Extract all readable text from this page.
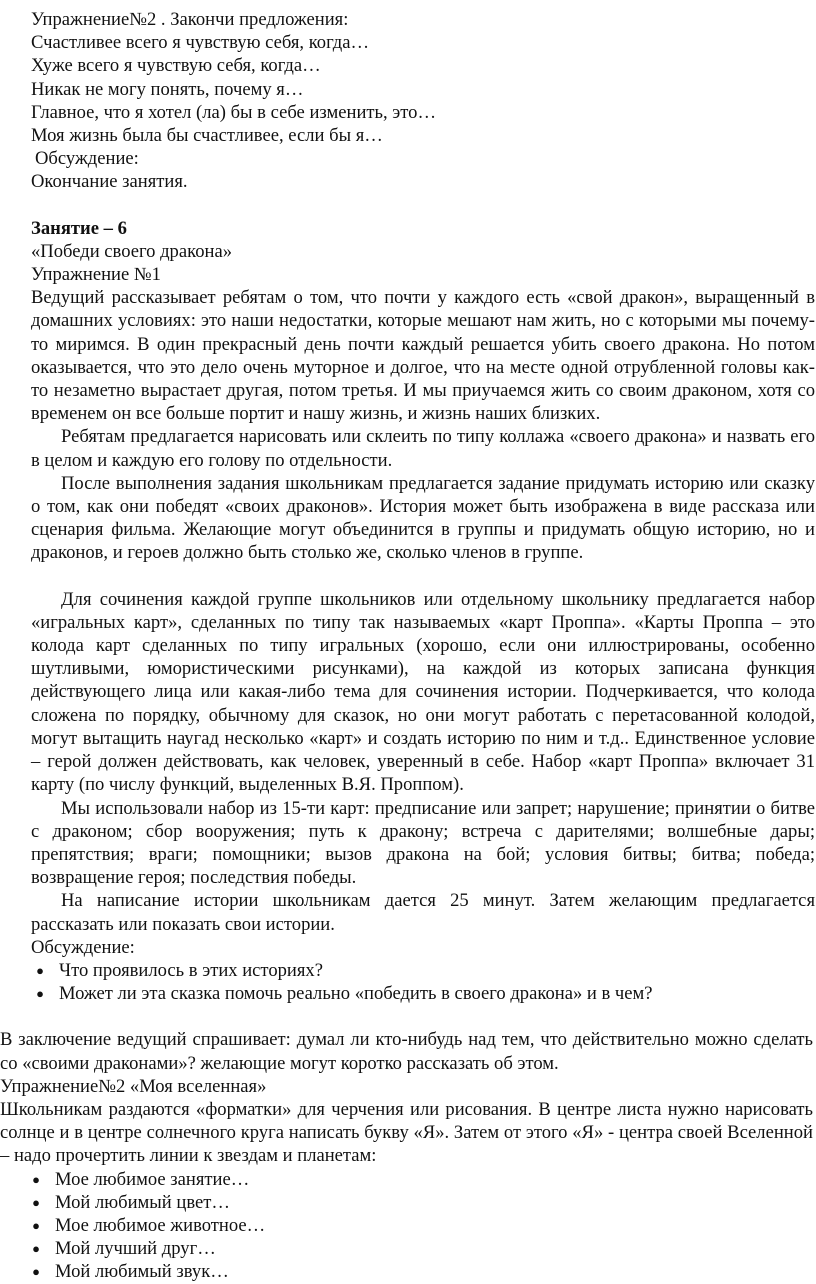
Упражнение№2 . Закончи предложения:

Счастливее всего я чувствую себя, когда…

Хуже всего я чувствую себя, когда…

Никак не могу понять, почему я…

Главное, что я хотел (ла) бы в себе изменить, это…

Моя жизнь была бы счастливее, если бы я…

Обсуждение:

Окончание занятия.

Занятие – 6

«Победи своего дракона»

Упражнение №1

Ведущий рассказывает ребятам о том, что почти у каждого есть «свой дракон», выращенный в домашних условиях: это наши недостатки, которые мешают нам жить, но с которыми мы почему-то миримся. В один прекрасный день почти каждый решается убить своего дракона. Но потом оказывается, что это дело очень муторное и долгое, что на месте одной отрубленной головы как-то незаметно вырастает другая, потом третья. И мы приучаемся жить со своим драконом, хотя со временем он все больше портит и нашу жизнь, и жизнь наших близких.

Ребятам предлагается нарисовать или склеить по типу коллажа «своего дракона» и назвать его в целом и каждую его голову по отдельности.

После выполнения задания школьникам предлагается задание придумать историю или сказку о том, как они победят «своих драконов». История может быть изображена в виде рассказа или сценария фильма. Желающие могут объединится в группы и придумать общую историю, но и драконов, и героев должно быть столько же, сколько членов в группе.

Для сочинения каждой группе школьников или отдельному школьнику предлагается набор «игральных карт», сделанных по типу так называемых «карт Проппа». «Карты Проппа – это колода карт сделанных по типу игральных (хорошо, если они иллюстрированы, особенно шутливыми, юмористическими рисунками), на каждой из которых записана функция действующего лица или какая-либо тема для сочинения истории. Подчеркивается, что колода сложена по порядку, обычному для сказок, но они могут работать с перетасованной колодой, могут вытащить наугад несколько «карт» и создать историю по ним и т.д.. Единственное условие – герой должен действовать, как человек, уверенный в себе. Набор «карт Проппа» включает 31 карту (по числу функций, выделенных В.Я. Проппом).

Мы использовали набор из 15-ти карт: предписание или запрет; нарушение; принятии о битве с драконом; сбор вооружения; путь к дракону; встреча с дарителями; волшебные дары; препятствия; враги; помощники; вызов дракона на бой; условия битвы; битва; победа; возвращение героя; последствия победы.

На написание истории школьникам дается 25 минут. Затем желающим предлагается рассказать или показать свои истории.

Обсуждение:

● Что проявилось в этих историях?
● Может ли эта сказка помочь реально «победить в своего дракона» и в чем?

В заключение ведущий спрашивает: думал ли кто-нибудь над тем, что действительно можно сделать со «своими драконами»? желающие могут коротко рассказать об этом.

Упражнение№2 «Моя вселенная»

Школьникам раздаются «форматки» для черчения или рисования. В центре листа нужно нарисовать солнце и в центре солнечного круга написать букву «Я». Затем от этого «Я» - центра своей Вселенной – надо прочертить линии к звездам и планетам:

● Мое любимое занятие…
● Мой любимый цвет…
● Мое любимое животное…
● Мой лучший друг…
● Мой любимый звук…
